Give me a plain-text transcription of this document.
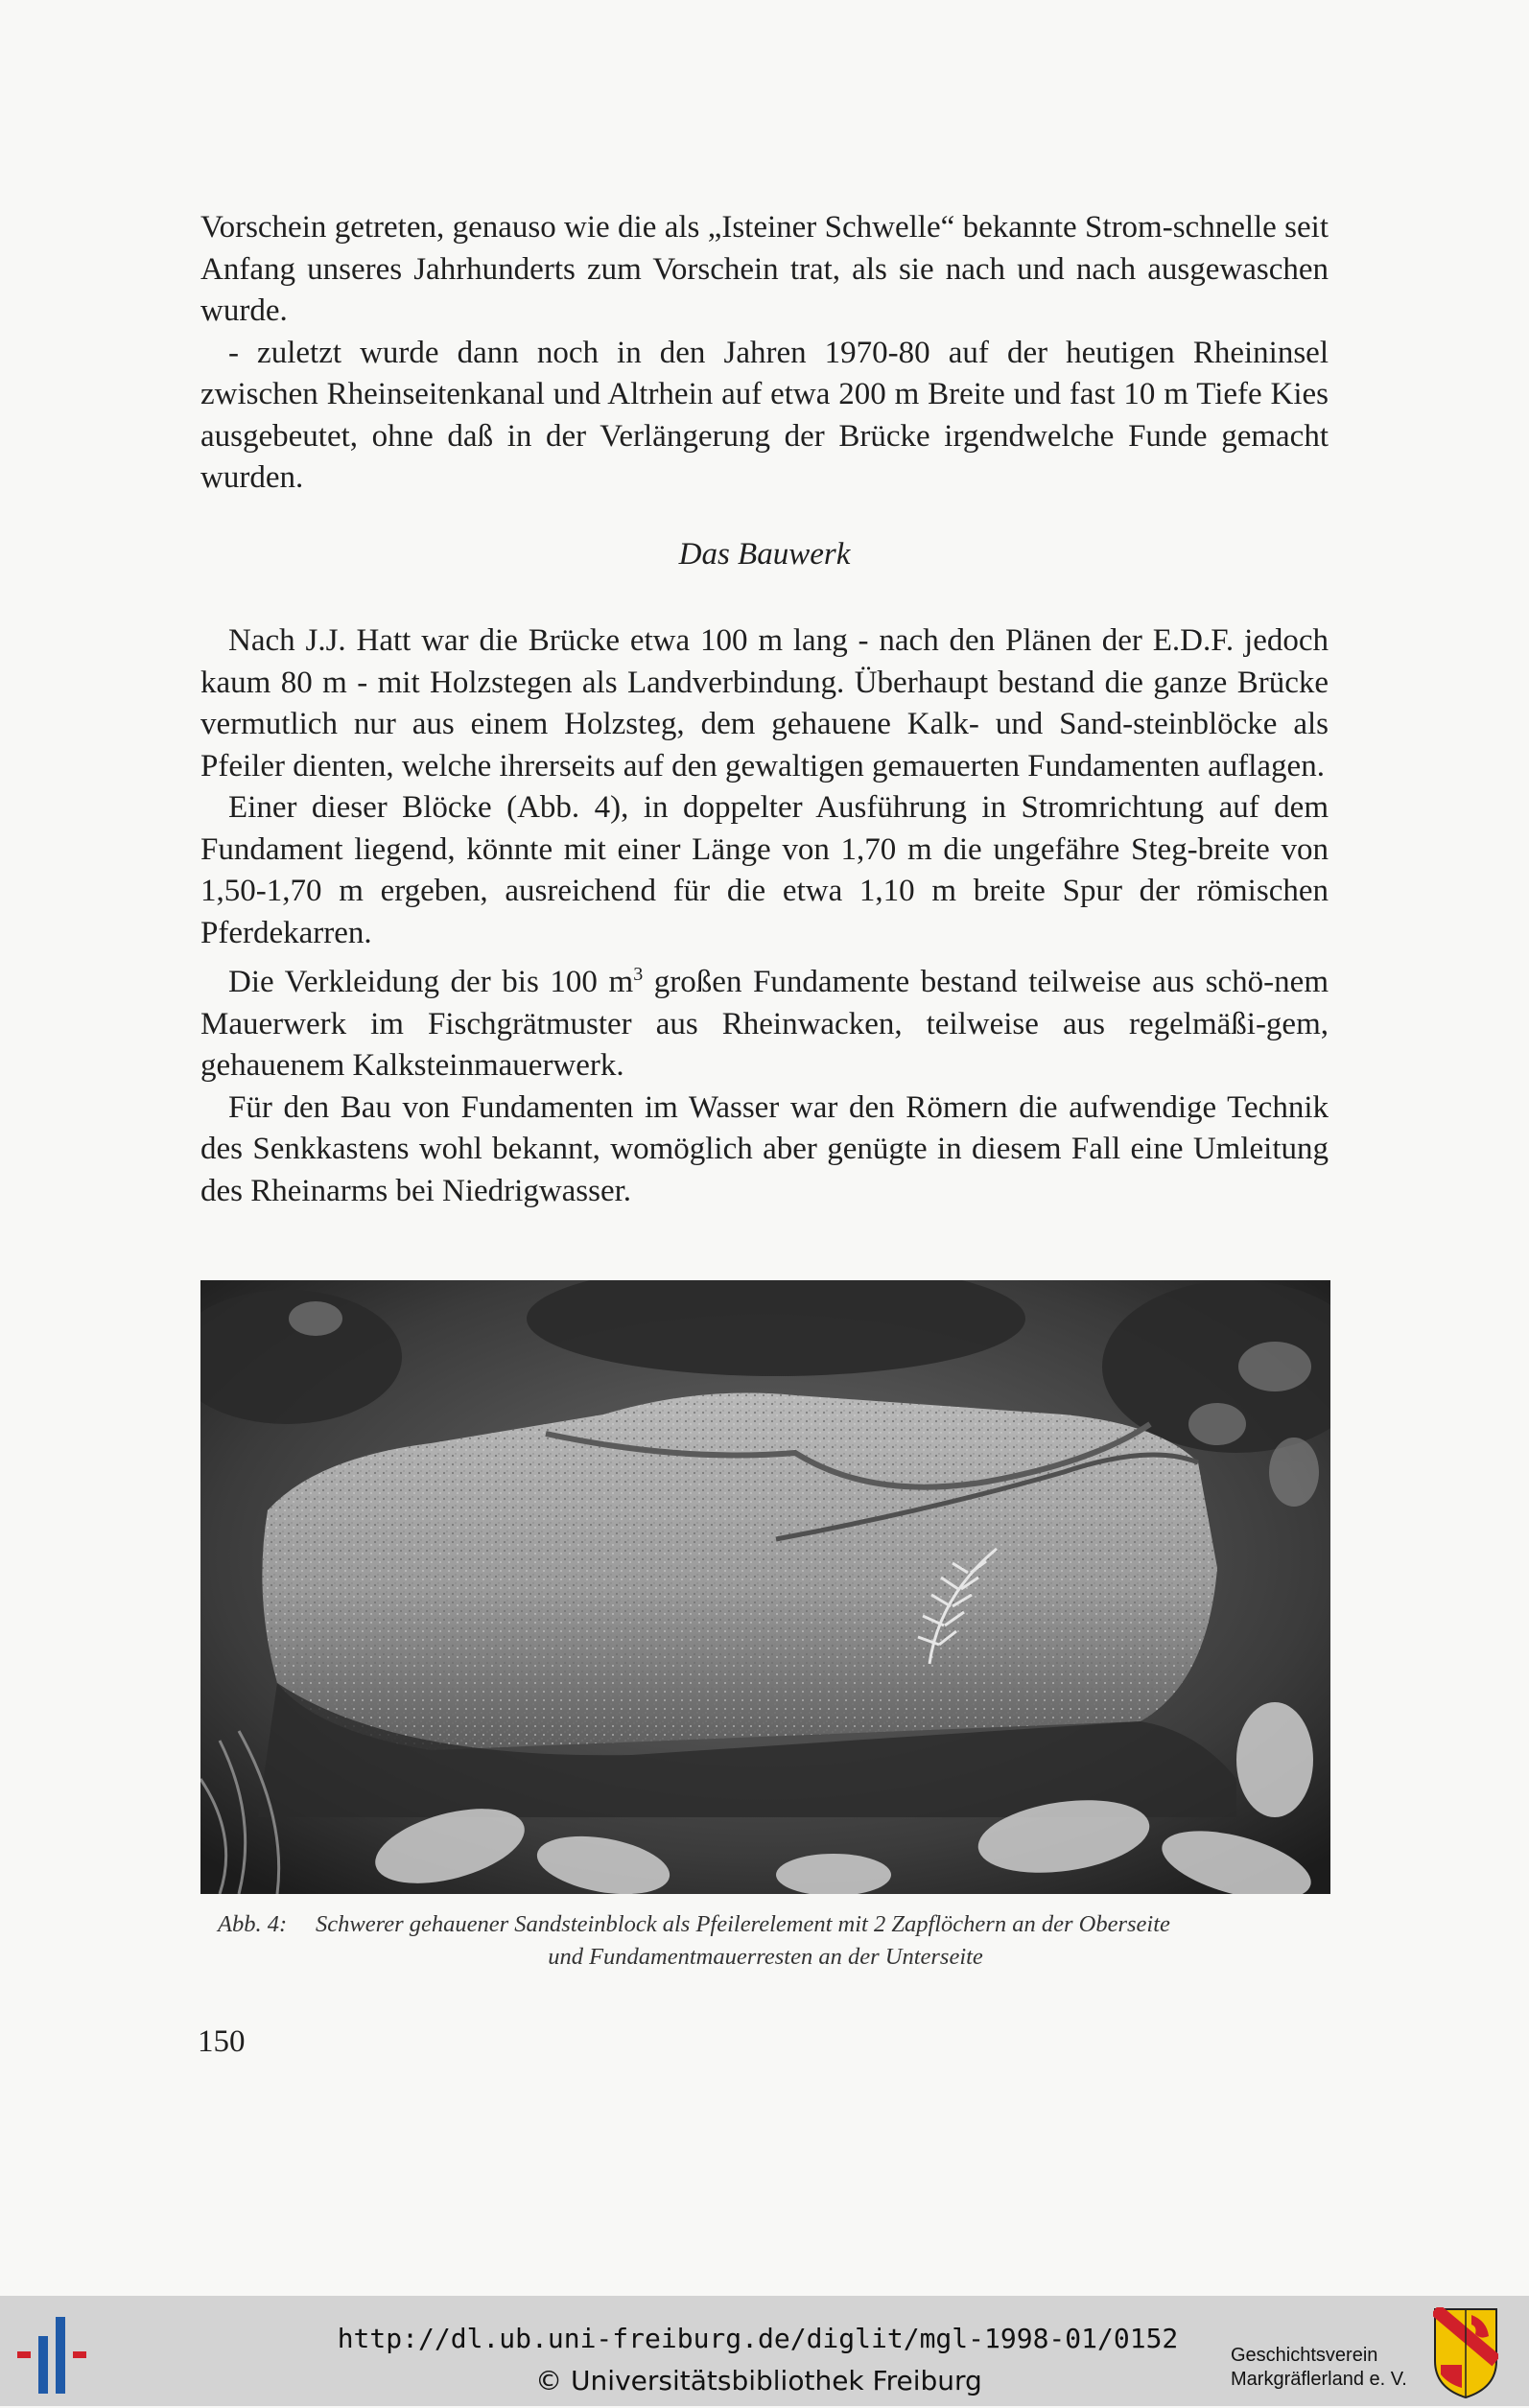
Vorschein getreten, genauso wie die als „Isteiner Schwelle“ bekannte Strom-schnelle seit Anfang unseres Jahrhunderts zum Vorschein trat, als sie nach und nach ausgewaschen wurde.

- zuletzt wurde dann noch in den Jahren 1970-80 auf der heutigen Rheininsel zwischen Rheinseitenkanal und Altrhein auf etwa 200 m Breite und fast 10 m Tiefe Kies ausgebeutet, ohne daß in der Verlängerung der Brücke irgendwelche Funde gemacht wurden.

Das Bauwerk

Nach J.J. Hatt war die Brücke etwa 100 m lang - nach den Plänen der E.D.F. jedoch kaum 80 m - mit Holzstegen als Landverbindung. Überhaupt bestand die ganze Brücke vermutlich nur aus einem Holzsteg, dem gehauene Kalk- und Sand-steinblöcke als Pfeiler dienten, welche ihrerseits auf den gewaltigen gemauerten Fundamenten auflagen.

Einer dieser Blöcke (Abb. 4), in doppelter Ausführung in Stromrichtung auf dem Fundament liegend, könnte mit einer Länge von 1,70 m die ungefähre Steg-breite von 1,50-1,70 m ergeben, ausreichend für die etwa 1,10 m breite Spur der römischen Pferdekarren.

Die Verkleidung der bis 100 $m^3$ großen Fundamente bestand teilweise aus schö-nem Mauerwerk im Fischgrätmuster aus Rheinwacken, teilweise aus regelmäßi-gem, gehauenem Kalksteinmauerwerk.

Für den Bau von Fundamenten im Wasser war den Römern die aufwendige Technik des Senkkastens wohl bekannt, womöglich aber genügte in diesem Fall eine Umleitung des Rheinarms bei Niedrigwasser.

Abb. 4:	Schwerer gehauener Sandsteinblock als Pfeilerelement mit 2 Zapflöchern an der Oberseite
und Fundamentmauerresten an der Unterseite
150
http://dl.ub.uni-freiburg.de/diglit/mgl-1998-01/0152
© Universitätsbibliothek Freiburg
Geschichtsverein
Markgräflerland e. V.
